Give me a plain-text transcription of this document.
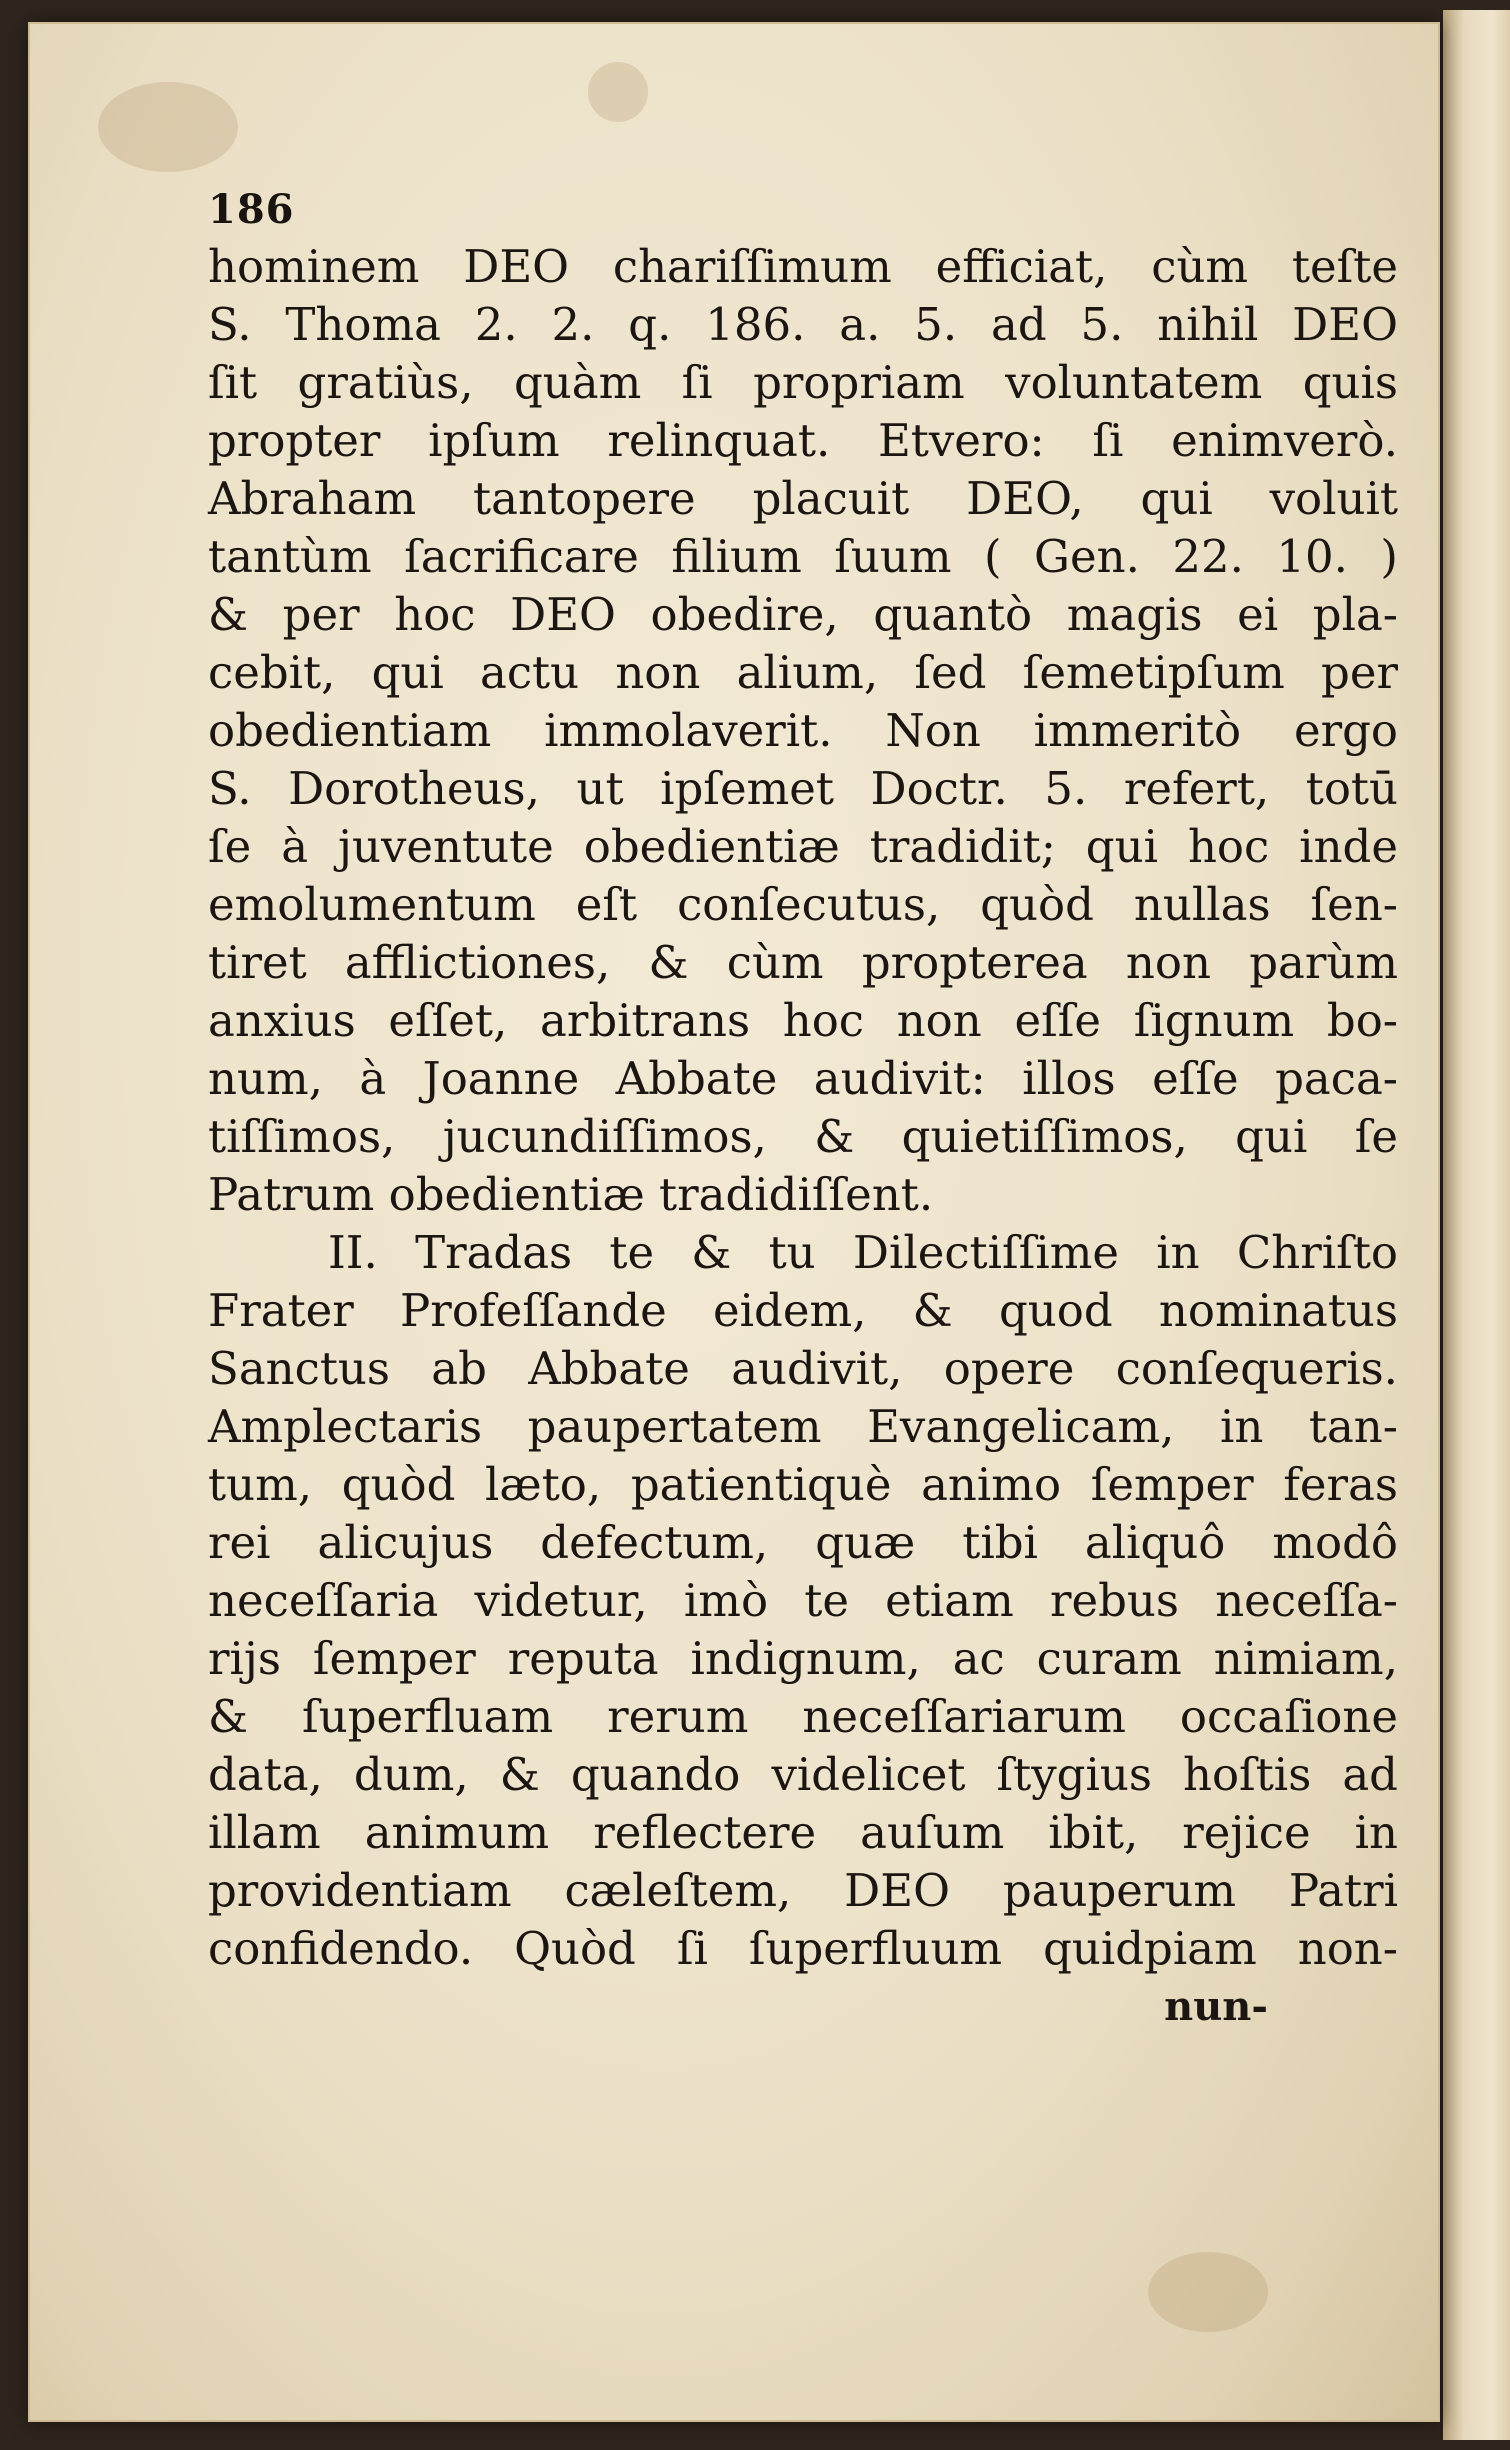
186
hominem DEO chariſſimum efficiat, cùm teſte
S. Thoma 2. 2. q. 186. a. 5. ad 5. nihil DEO
ſit gratiùs, quàm ſi propriam voluntatem quis
propter ipſum relinquat. Etvero: ſi enimverò.
Abraham tantopere placuit DEO, qui voluit
tantùm ſacrificare filium ſuum ( Gen. 22. 10. )
& per hoc DEO obedire, quantò magis ei pla-
cebit, qui actu non alium, ſed ſemetipſum per
obedientiam immolaverit. Non immeritò ergo
S. Dorotheus, ut ipſemet Doctr. 5. refert, totū
ſe à juventute obedientiæ tradidit; qui hoc inde
emolumentum eſt conſecutus, quòd nullas ſen-
tiret afflictiones, & cùm propterea non parùm
anxius eſſet, arbitrans hoc non eſſe ſignum bo-
num, à Joanne Abbate audivit: illos eſſe paca-
tiſſimos, jucundiſſimos, & quietiſſimos, qui ſe
Patrum obedientiæ tradidiſſent.
II. Tradas te & tu Dilectiſſime in Chriſto
Frater Profeſſande eidem, & quod nominatus
Sanctus ab Abbate audivit, opere conſequeris.
Amplectaris paupertatem Evangelicam, in tan-
tum, quòd læto, patientiquè animo ſemper feras
rei alicujus defectum, quæ tibi aliquô modô
neceſſaria videtur, imò te etiam rebus neceſſa-
rijs ſemper reputa indignum, ac curam nimiam,
& ſuperfluam rerum neceſſariarum occaſione
data, dum, & quando videlicet ſtygius hoſtis ad
illam animum reflectere auſum ibit, rejice in
providentiam cæleſtem, DEO pauperum Patri
confidendo. Quòd ſi ſuperfluum quidpiam non-
nun-
